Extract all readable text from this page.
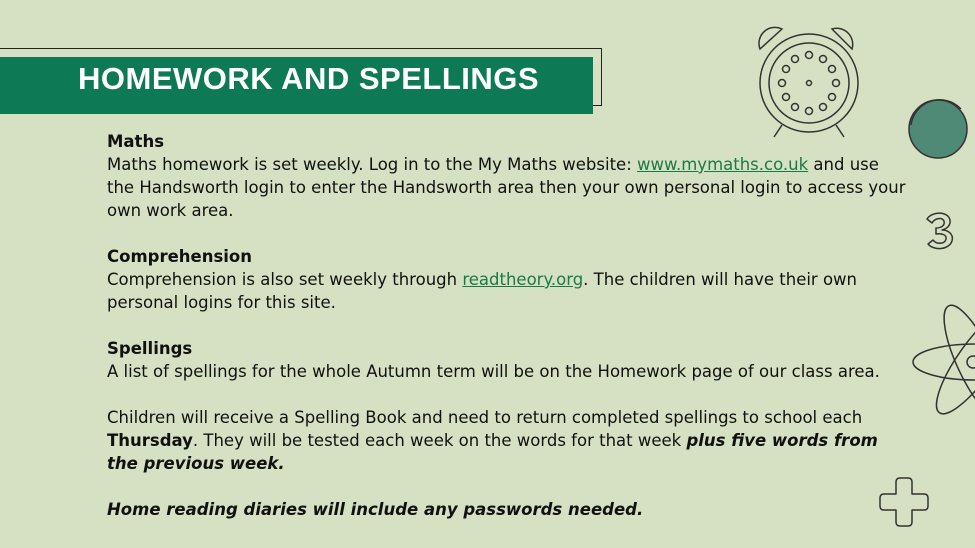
HOMEWORK AND SPELLINGS

Maths

Maths homework is set weekly. Log in to the My Maths website: www.mymaths.co.uk and use the Handsworth login to enter the Handsworth area then your own personal login to access your own work area.

Comprehension

Comprehension is also set weekly through readtheory.org. The children will have their own personal logins for this site.

Spellings

A list of spellings for the whole Autumn term will be on the Homework page of our class area.

Children will receive a Spelling Book and need to return completed spellings to school each Thursday. They will be tested each week on the words for that week plus five words from the previous week.

Home reading diaries will include any passwords needed.
